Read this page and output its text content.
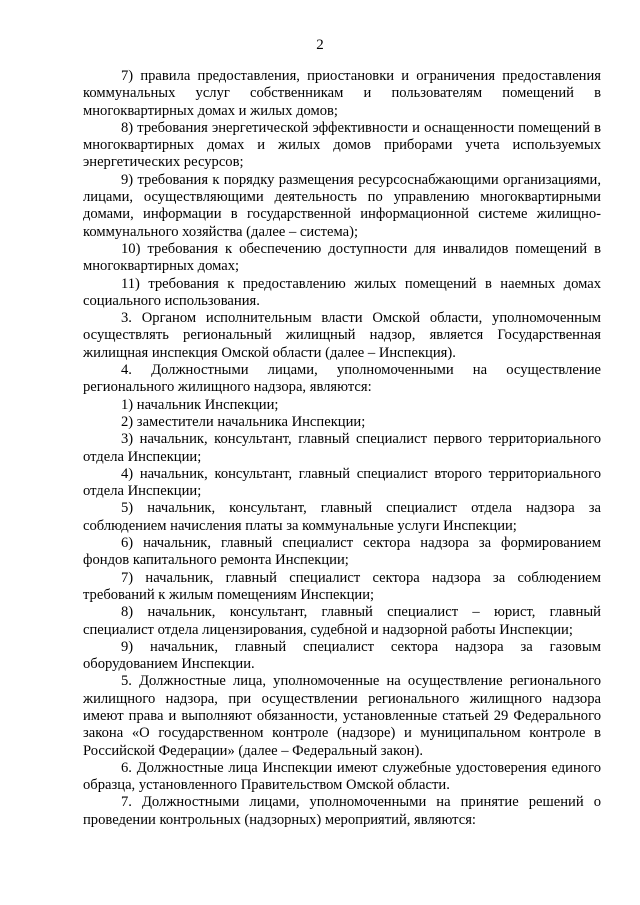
2

7) правила предоставления, приостановки и ограничения предоставления коммунальных услуг собственникам и пользователям помещений в многоквартирных домах и жилых домов;

8) требования энергетической эффективности и оснащенности помещений в многоквартирных домах и жилых домов приборами учета используемых энергетических ресурсов;

9) требования к порядку размещения ресурсоснабжающими организациями, лицами, осуществляющими деятельность по управлению многоквартирными домами, информации в государственной информационной системе жилищно-коммунального хозяйства (далее – система);

10) требования к обеспечению доступности для инвалидов помещений в многоквартирных домах;

11) требования к предоставлению жилых помещений в наемных домах социального использования.

3. Органом исполнительным власти Омской области, уполномоченным осуществлять региональный жилищный надзор, является Государственная жилищная инспекция Омской области (далее – Инспекция).

4. Должностными лицами, уполномоченными на осуществление регионального жилищного надзора, являются:

1) начальник Инспекции;

2) заместители начальника Инспекции;

3) начальник, консультант, главный специалист первого территориального отдела Инспекции;

4) начальник, консультант, главный специалист второго территориального отдела Инспекции;

5) начальник, консультант, главный специалист отдела надзора за соблюдением начисления платы за коммунальные услуги Инспекции;

6) начальник, главный специалист сектора надзора за формированием фондов капитального ремонта Инспекции;

7) начальник, главный специалист сектора надзора за соблюдением требований к жилым помещениям Инспекции;

8) начальник, консультант, главный специалист – юрист, главный специалист отдела лицензирования, судебной и надзорной работы Инспекции;

9) начальник, главный специалист сектора надзора за газовым оборудованием Инспекции.

5. Должностные лица, уполномоченные на осуществление регионального жилищного надзора, при осуществлении регионального жилищного надзора имеют права и выполняют обязанности, установленные статьей 29 Федерального закона «О государственном контроле (надзоре) и муниципальном контроле в Российской Федерации» (далее – Федеральный закон).

6. Должностные лица Инспекции имеют служебные удостоверения единого образца, установленного Правительством Омской области.

7. Должностными лицами, уполномоченными на принятие решений о проведении контрольных (надзорных) мероприятий, являются:
